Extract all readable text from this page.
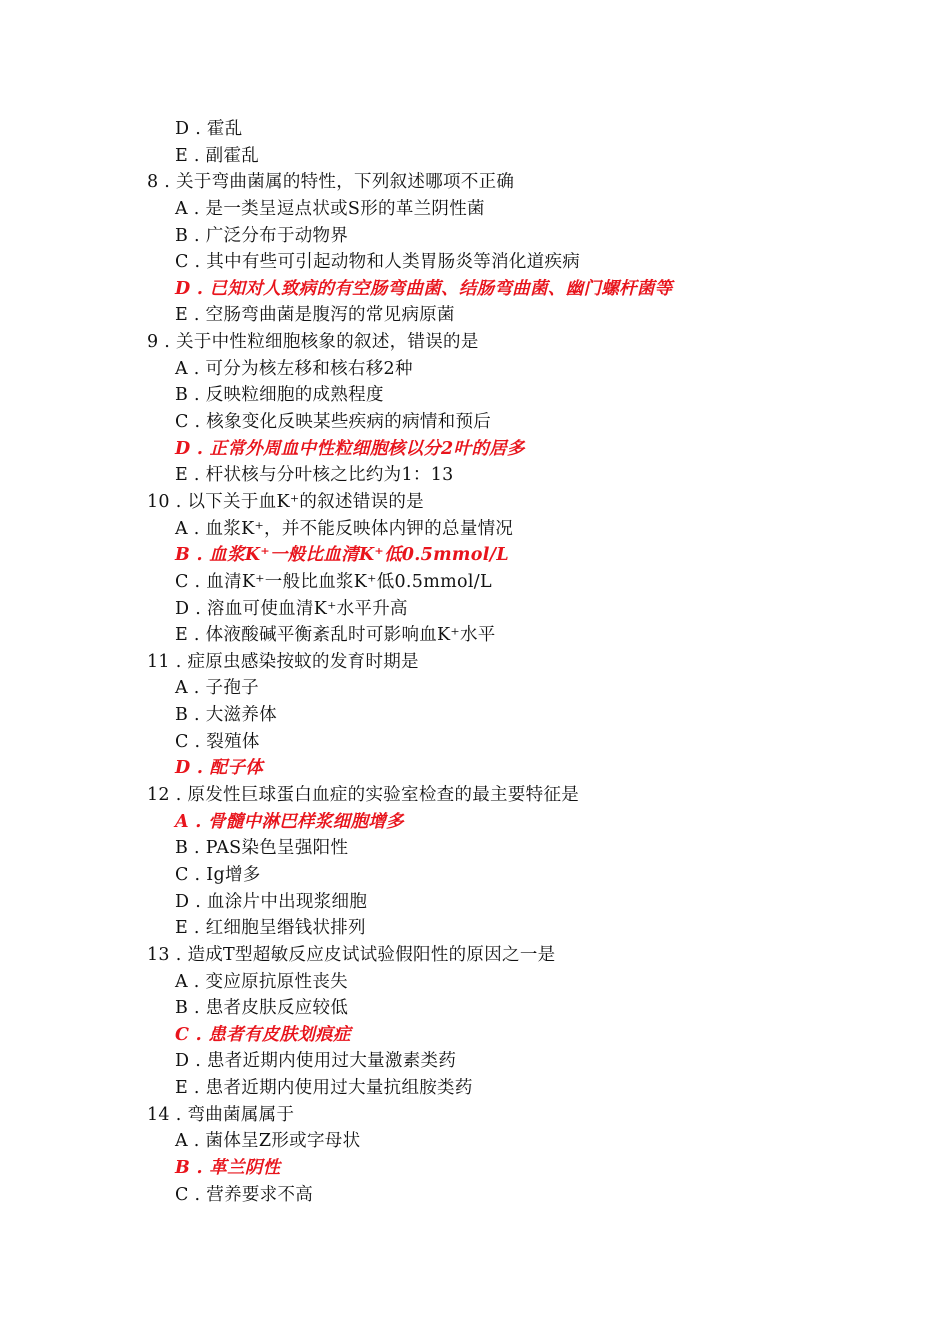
D . 霍乱
E . 副霍乱
8 . 关于弯曲菌属的特性，下列叙述哪项不正确
A . 是一类呈逗点状或S形的革兰阴性菌
B . 广泛分布于动物界
C . 其中有些可引起动物和人类胃肠炎等消化道疾病
D . 已知对人致病的有空肠弯曲菌、结肠弯曲菌、幽门螺杆菌等
E . 空肠弯曲菌是腹泻的常见病原菌
9 . 关于中性粒细胞核象的叙述，错误的是
A . 可分为核左移和核右移2种
B . 反映粒细胞的成熟程度
C . 核象变化反映某些疾病的病情和预后
D . 正常外周血中性粒细胞核以分2叶的居多
E . 杆状核与分叶核之比约为1：13
10 . 以下关于血K⁺的叙述错误的是
A . 血浆K⁺，并不能反映体内钾的总量情况
B . 血浆K⁺一般比血清K⁺低0.5mmol/L
C . 血清K⁺一般比血浆K⁺低0.5mmol/L
D . 溶血可使血清K⁺水平升高
E . 体液酸碱平衡紊乱时可影响血K⁺水平
11 . 症原虫感染按蚊的发育时期是
A . 子孢子
B . 大滋养体
C . 裂殖体
D . 配子体
12 . 原发性巨球蛋白血症的实验室检查的最主要特征是
A . 骨髓中淋巴样浆细胞增多
B . PAS染色呈强阳性
C . Ig增多
D . 血涂片中出现浆细胞
E . 红细胞呈缗钱状排列
13 . 造成T型超敏反应皮试试验假阳性的原因之一是
A . 变应原抗原性丧失
B . 患者皮肤反应较低
C . 患者有皮肤划痕症
D . 患者近期内使用过大量激素类药
E . 患者近期内使用过大量抗组胺类药
14 . 弯曲菌属属于
A . 菌体呈Z形或字母状
B . 革兰阴性
C . 营养要求不高
